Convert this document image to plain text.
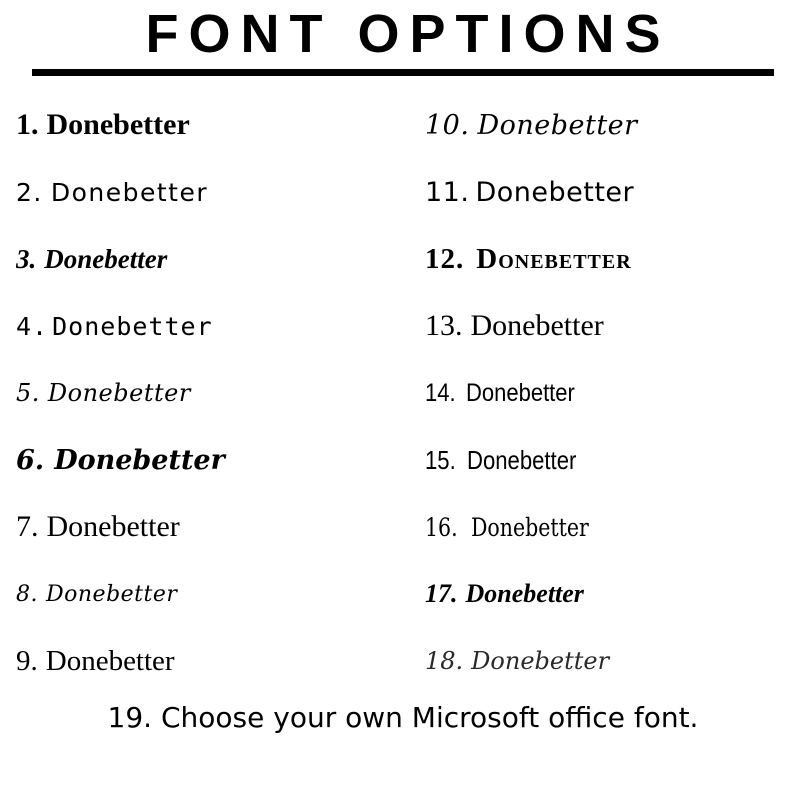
FONT OPTIONS
1. Donebetter
2. Donebetter
3. Donebetter
4. Donebetter
5. Donebetter
6. Donebetter
7. Donebetter
8. Donebetter
9. Donebetter
10. Donebetter
11. Donebetter
12. Donebetter
13. Donebetter
14. Donebetter
15. Donebetter
16. Donebetter
17. Donebetter
18. Donebetter
19. Choose your own Microsoft office font.
